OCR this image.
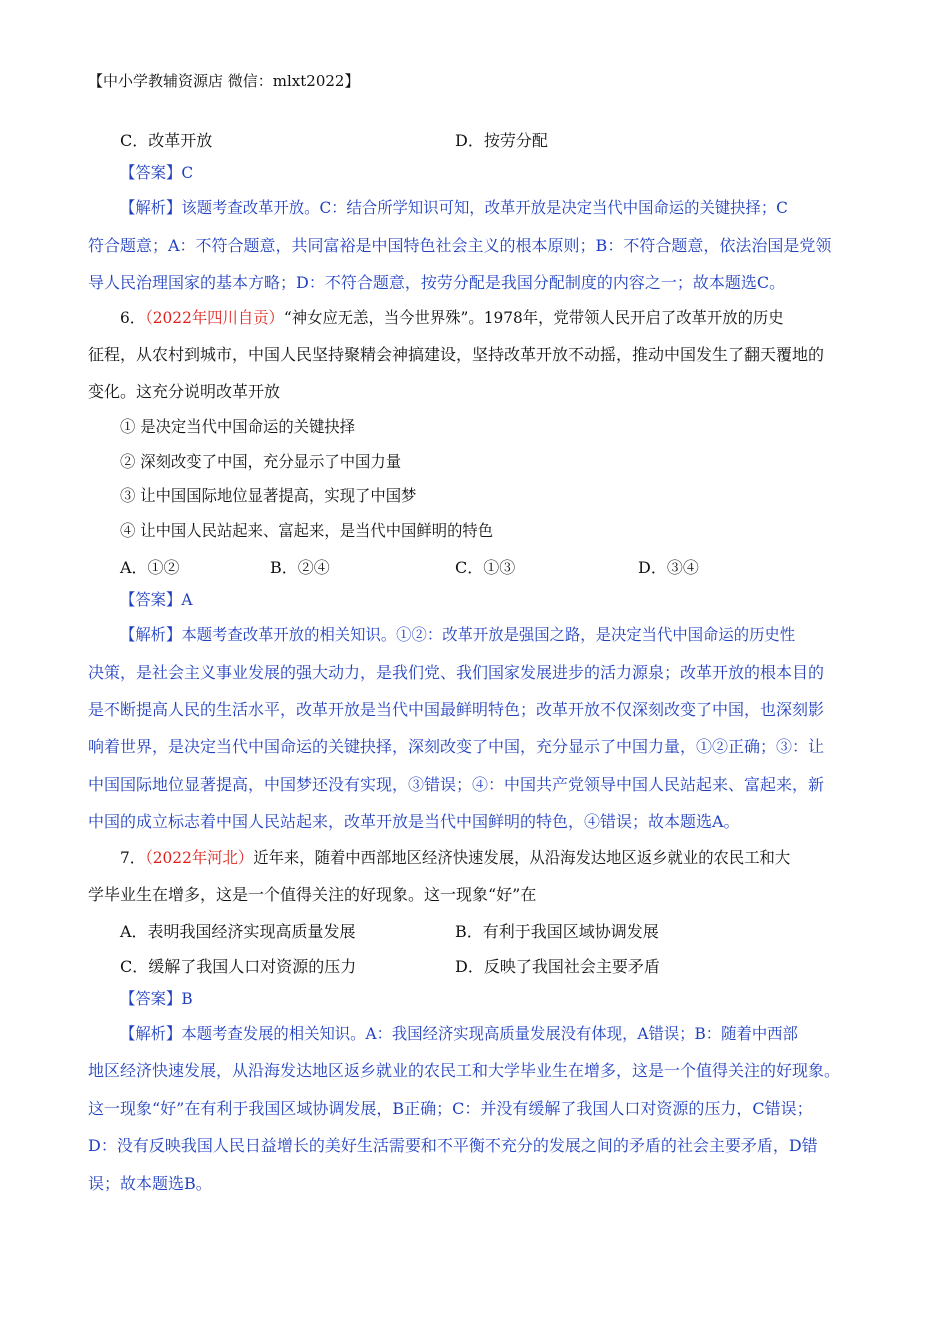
【中小学教辅资源店 微信：mlxt2022】
C．改革开放	D．按劳分配
【答案】C
【解析】该题考查改革开放。C：结合所学知识可知，改革开放是决定当代中国命运的关键抉择；C
符合题意；A：不符合题意，共同富裕是中国特色社会主义的根本原则；B：不符合题意，依法治国是党领
导人民治理国家的基本方略；D：不符合题意，按劳分配是我国分配制度的内容之一；故本题选C。
6．（2022年四川自贡）“神女应无恙，当今世界殊”。1978年，党带领人民开启了改革开放的历史
征程，从农村到城市，中国人民坚持聚精会神搞建设，坚持改革开放不动摇，推动中国发生了翻天覆地的
变化。这充分说明改革开放
① 是决定当代中国命运的关键抉择
② 深刻改变了中国，充分显示了中国力量
③ 让中国国际地位显著提高，实现了中国梦
④ 让中国人民站起来、富起来，是当代中国鲜明的特色
A．①②	B．②④	C．①③	D．③④
【答案】A
【解析】本题考查改革开放的相关知识。①②：改革开放是强国之路，是决定当代中国命运的历史性
决策，是社会主义事业发展的强大动力，是我们党、我们国家发展进步的活力源泉；改革开放的根本目的
是不断提高人民的生活水平，改革开放是当代中国最鲜明特色；改革开放不仅深刻改变了中国，也深刻影
响着世界，是决定当代中国命运的关键抉择，深刻改变了中国，充分显示了中国力量，①②正确；③：让
中国国际地位显著提高，中国梦还没有实现，③错误；④：中国共产党领导中国人民站起来、富起来，新
中国的成立标志着中国人民站起来，改革开放是当代中国鲜明的特色，④错误；故本题选A。
7．（2022年河北）近年来，随着中西部地区经济快速发展，从沿海发达地区返乡就业的农民工和大
学毕业生在增多，这是一个值得关注的好现象。这一现象“好”在
A．表明我国经济实现高质量发展	B．有利于我国区域协调发展
C．缓解了我国人口对资源的压力	D．反映了我国社会主要矛盾
【答案】B
【解析】本题考查发展的相关知识。A：我国经济实现高质量发展没有体现，A错误；B：随着中西部
地区经济快速发展，从沿海发达地区返乡就业的农民工和大学毕业生在增多，这是一个值得关注的好现象。
这一现象“好”在有利于我国区域协调发展，B正确；C：并没有缓解了我国人口对资源的压力，C错误；
D：没有反映我国人民日益增长的美好生活需要和不平衡不充分的发展之间的矛盾的社会主要矛盾，D错
误；故本题选B。
